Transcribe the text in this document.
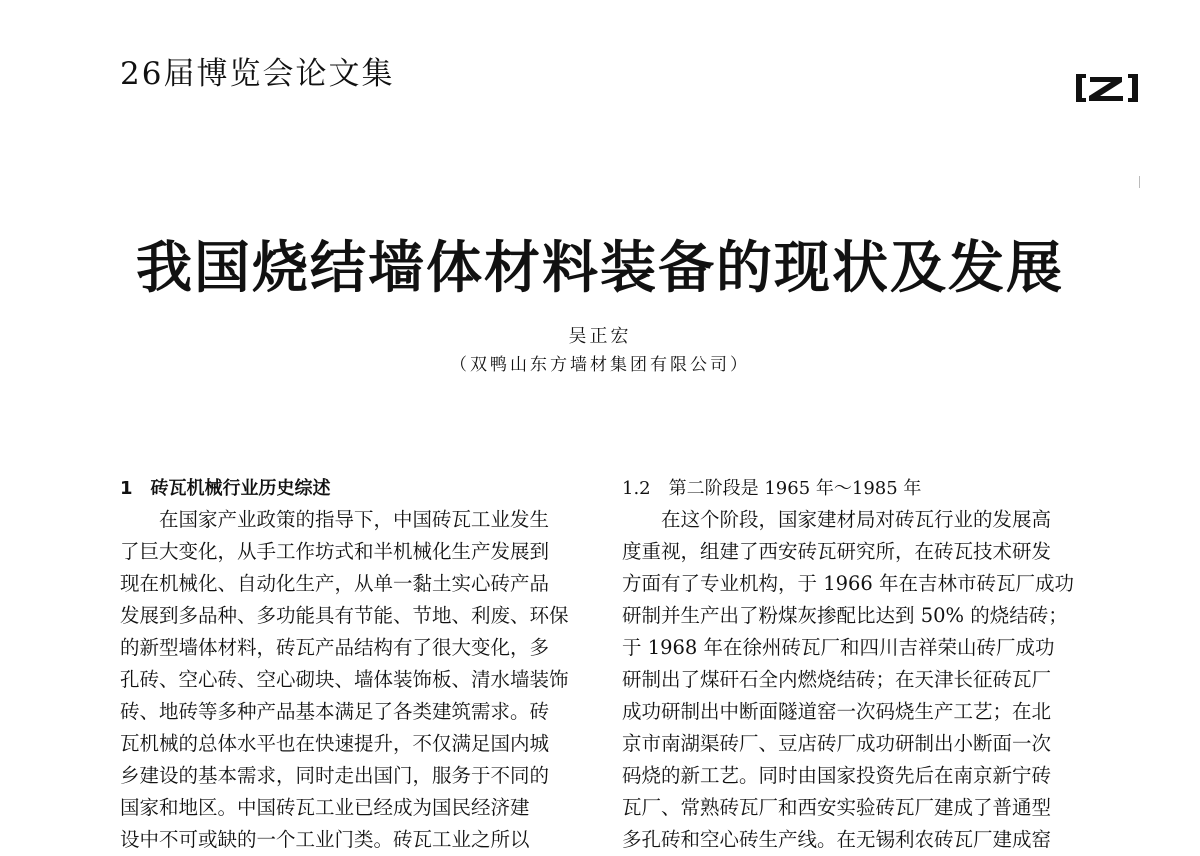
26届博览会论文集
我国烧结墙体材料装备的现状及发展
吴正宏
（双鸭山东方墙材集团有限公司）
1　砖瓦机械行业历史综述
在国家产业政策的指导下，中国砖瓦工业发生
了巨大变化，从手工作坊式和半机械化生产发展到
现在机械化、自动化生产，从单一黏土实心砖产品
发展到多品种、多功能具有节能、节地、利废、环保
的新型墙体材料，砖瓦产品结构有了很大变化，多
孔砖、空心砖、空心砌块、墙体装饰板、清水墙装饰
砖、地砖等多种产品基本满足了各类建筑需求。砖
瓦机械的总体水平也在快速提升，不仅满足国内城
乡建设的基本需求，同时走出国门，服务于不同的
国家和地区。中国砖瓦工业已经成为国民经济建
设中不可或缺的一个工业门类。砖瓦工业之所以
1.2　第二阶段是 1965 年～1985 年
在这个阶段，国家建材局对砖瓦行业的发展高
度重视，组建了西安砖瓦研究所，在砖瓦技术研发
方面有了专业机构，于 1966 年在吉林市砖瓦厂成功
研制并生产出了粉煤灰掺配比达到 50% 的烧结砖；
于 1968 年在徐州砖瓦厂和四川吉祥荣山砖厂成功
研制出了煤矸石全内燃烧结砖；在天津长征砖瓦厂
成功研制出中断面隧道窑一次码烧生产工艺；在北
京市南湖渠砖厂、豆店砖厂成功研制出小断面一次
码烧的新工艺。同时由国家投资先后在南京新宁砖
瓦厂、常熟砖瓦厂和西安实验砖瓦厂建成了普通型
多孔砖和空心砖生产线。在无锡利农砖瓦厂建成窑
